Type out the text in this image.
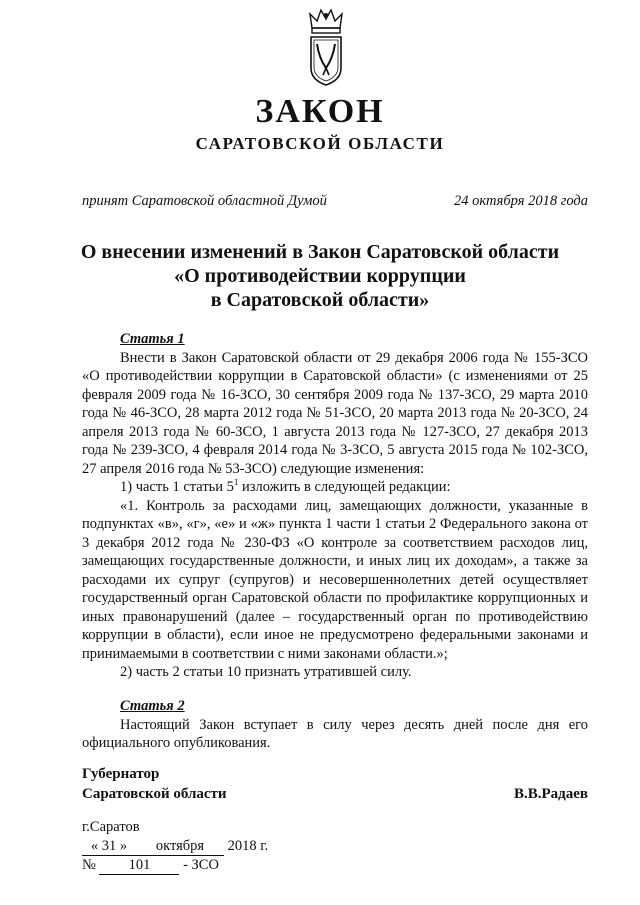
ЗАКОН
САРАТОВСКОЙ ОБЛАСТИ
принят Саратовской областной Думой	24 октября 2018 года
О внесении изменений в Закон Саратовской области
«О противодействии коррупции
в Саратовской области»
Статья 1

Внести в Закон Саратовской области от 29 декабря 2006 года № 155-ЗСО «О противодействии коррупции в Саратовской области» (с изменениями от 25 февраля 2009 года № 16-ЗСО, 30 сентября 2009 года № 137-ЗСО, 29 марта 2010 года № 46-ЗСО, 28 марта 2012 года № 51-ЗСО, 20 марта 2013 года № 20-ЗСО, 24 апреля 2013 года № 60-ЗСО, 1 августа 2013 года № 127-ЗСО, 27 декабря 2013 года № 239-ЗСО, 4 февраля 2014 года № 3-ЗСО, 5 августа 2015 года № 102-ЗСО, 27 апреля 2016 года № 53-ЗСО) следующие изменения:

1) часть 1 статьи $5^1$ изложить в следующей редакции:

«1. Контроль за расходами лиц, замещающих должности, указанные в подпунктах «в», «г», «е» и «ж» пункта 1 части 1 статьи 2 Федерального закона от 3 декабря 2012 года № 230-ФЗ «О контроле за соответствием расходов лиц, замещающих государственные должности, и иных лиц их доходам», а также за расходами их супруг (супругов) и несовершеннолетних детей осуществляет государственный орган Саратовской области по профилактике коррупционных и иных правонарушений (далее – государственный орган по противодействию коррупции в области), если иное не предусмотрено федеральными законами и принимаемыми в соответствии с ними законами области.»;

2) часть 2 статьи 10 признать утратившей силу.

Статья 2

Настоящий Закон вступает в силу через десять дней после дня его официального опубликования.

Губернатор
Саратовской области	В.В.Радаев
г.Саратов
« 31 » октября 2018 г.
№ 101 - ЗСО
